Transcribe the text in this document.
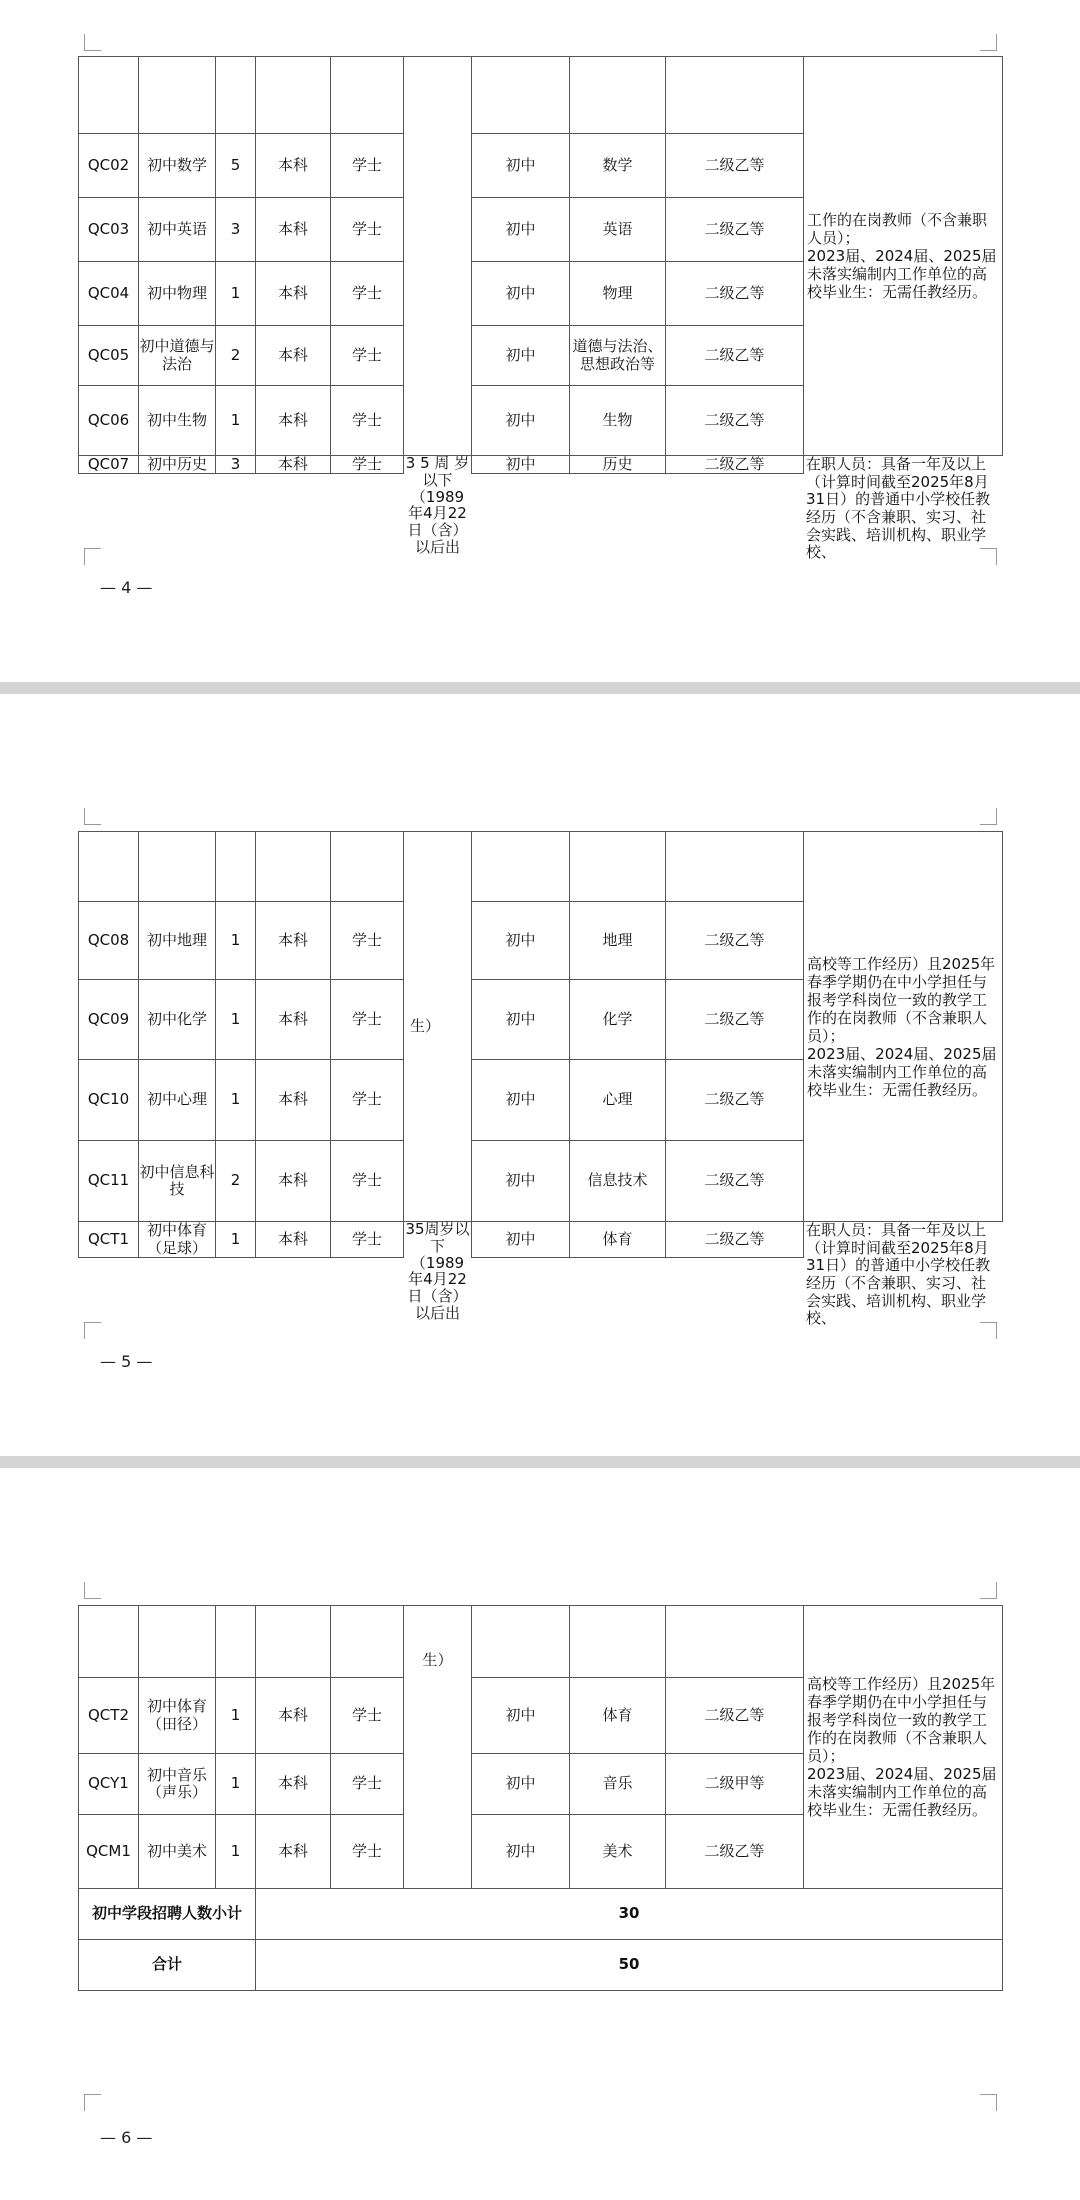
									工作的在岗教师（不含兼职人员）；
2023届、2024届、2025届未落实编制内工作单位的高校毕业生：无需任教经历。
QC02	初中数学	5	本科	学士		初中	数学	二级乙等	
QC03	初中英语	3	本科	学士		初中	英语	二级乙等	
QC04	初中物理	1	本科	学士		初中	物理	二级乙等	
QC05	初中道德与法治	2	本科	学士		初中	道德与法治、思想政治等	二级乙等	
QC06	初中生物	1	本科	学士		初中	生物	二级乙等	
QC07	初中历史	3	本科	学士	3 5 周 岁以下（1989年4月22日（含）以后出	初中	历史	二级乙等	在职人员：具备一年及以上（计算时间截至2025年8月31日）的普通中小学校任教经历（不含兼职、实习、社会实践、培训机构、职业学校、
— 4 —
					生）				高校等工作经历）且2025年春季学期仍在中小学担任与报考学科岗位一致的教学工作的在岗教师（不含兼职人员）；
2023届、2024届、2025届未落实编制内工作单位的高校毕业生：无需任教经历。
QC08	初中地理	1	本科	学士		初中	地理	二级乙等	
QC09	初中化学	1	本科	学士		初中	化学	二级乙等	
QC10	初中心理	1	本科	学士		初中	心理	二级乙等	
QC11	初中信息科技	2	本科	学士		初中	信息技术	二级乙等	
QCT1	初中体育（足球）	1	本科	学士	35周岁以下（1989年4月22日（含）以后出	初中	体育	二级乙等	在职人员：具备一年及以上（计算时间截至2025年8月31日）的普通中小学校任教经历（不含兼职、实习、社会实践、培训机构、职业学校、
— 5 —
					生）				高校等工作经历）且2025年春季学期仍在中小学担任与报考学科岗位一致的教学工作的在岗教师（不含兼职人员）；
2023届、2024届、2025届未落实编制内工作单位的高校毕业生：无需任教经历。
QCT2	初中体育（田径）	1	本科	学士		初中	体育	二级乙等	
QCY1	初中音乐（声乐）	1	本科	学士		初中	音乐	二级甲等	
QCM1	初中美术	1	本科	学士		初中	美术	二级乙等	
初中学段招聘人数小计			30						
合计			50						
— 6 —
